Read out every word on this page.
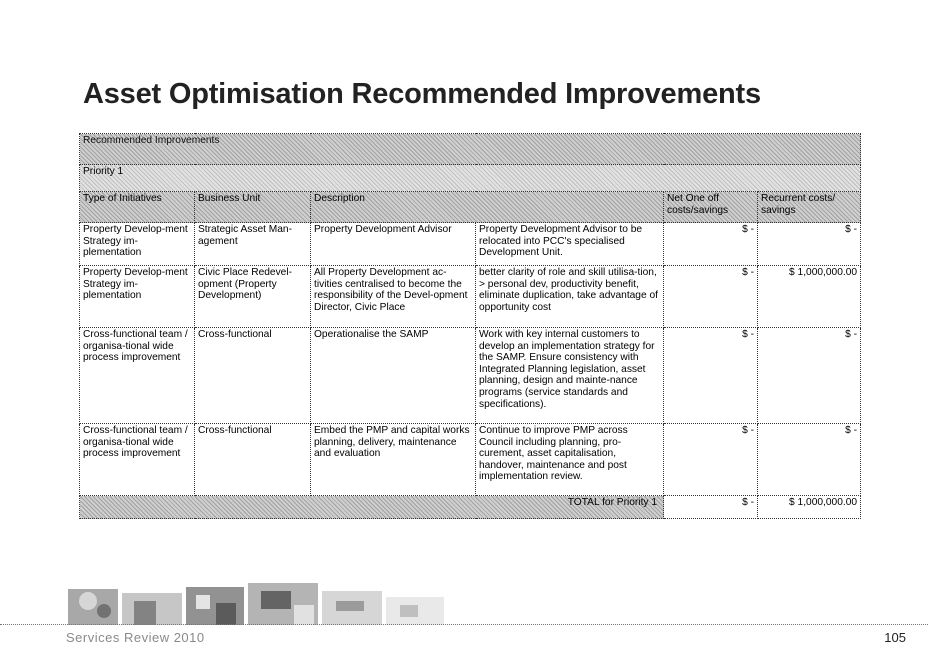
Asset Optimisation Recommended Improvements
Recommended Improvements					
Priority 1					
Type of Initiatives	Business Unit	Description		Net One off costs/savings	Recurrent costs/ savings
Property Develop-ment Strategy im-plementation	Strategic Asset Man-agement	Property Development Advisor	Property Development Advisor to be relocated into PCC's specialised Development Unit.	$ -	$ -
Property Develop-ment Strategy im-plementation	Civic Place Redevel-opment (Property Development)	All Property Development ac-tivities centralised to become the responsibility of the Devel-opment Director, Civic Place	better clarity of role and skill utilisa-tion, > personal dev, productivity benefit, eliminate duplication, take advantage of opportunity cost	$ -	$ 1,000,000.00
Cross-functional team / organisa-tional wide process improvement	Cross-functional	Operationalise the SAMP	Work with key internal customers to develop an implementation strategy for the SAMP. Ensure consistency with Integrated Planning legislation, asset planning, design and mainte-nance programs (service standards and specifications).	$ -	$ -
Cross-functional team / organisa-tional wide process improvement	Cross-functional	Embed the PMP and capital works planning, delivery, maintenance and evaluation	Continue to improve PMP across Council including planning, pro-curement, asset capitalisation, handover, maintenance and post implementation review.	$ -	$ -
TOTAL for Priority 1				$ -	$ 1,000,000.00
Services Review 2010	105
